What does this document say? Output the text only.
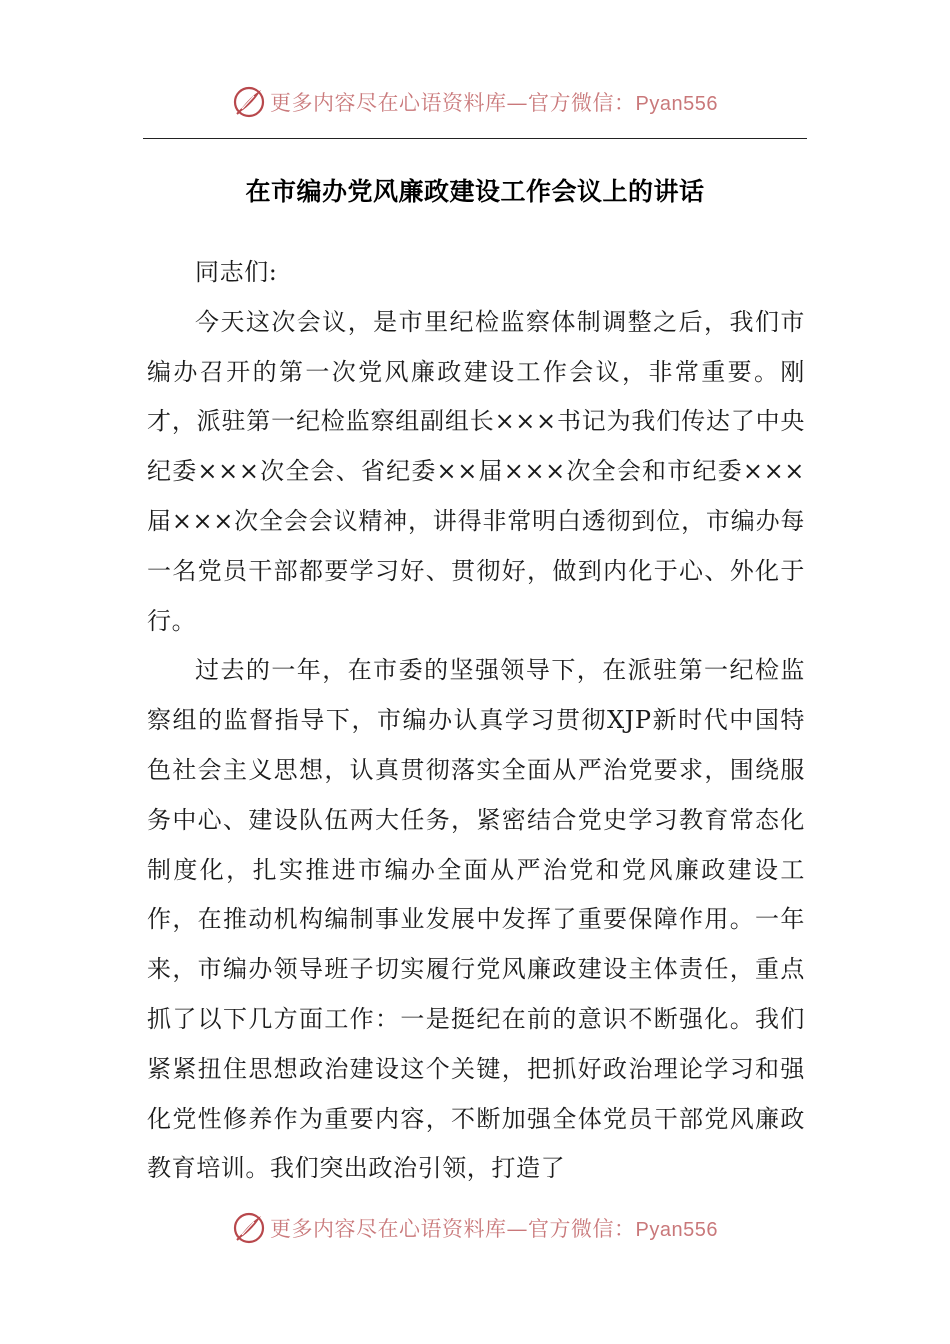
更多内容尽在心语资料库—官方微信：Pyan556
在市编办党风廉政建设工作会议上的讲话

同志们:

今天这次会议，是市里纪检监察体制调整之后，我们市编办召开的第一次党风廉政建设工作会议，非常重要。刚才，派驻第一纪检监察组副组长×××书记为我们传达了中央纪委×××次全会、省纪委××届×××次全会和市纪委×××届×××次全会会议精神，讲得非常明白透彻到位，市编办每一名党员干部都要学习好、贯彻好，做到内化于心、外化于行。

过去的一年，在市委的坚强领导下，在派驻第一纪检监察组的监督指导下，市编办认真学习贯彻XJP新时代中国特色社会主义思想，认真贯彻落实全面从严治党要求，围绕服务中心、建设队伍两大任务，紧密结合党史学习教育常态化制度化，扎实推进市编办全面从严治党和党风廉政建设工作，在推动机构编制事业发展中发挥了重要保障作用。一年来，市编办领导班子切实履行党风廉政建设主体责任，重点抓了以下几方面工作：一是挺纪在前的意识不断强化。我们紧紧扭住思想政治建设这个关键，把抓好政治理论学习和强化党性修养作为重要内容，不断加强全体党员干部党风廉政教育培训。我们突出政治引领，打造了

更多内容尽在心语资料库—官方微信：Pyan556
